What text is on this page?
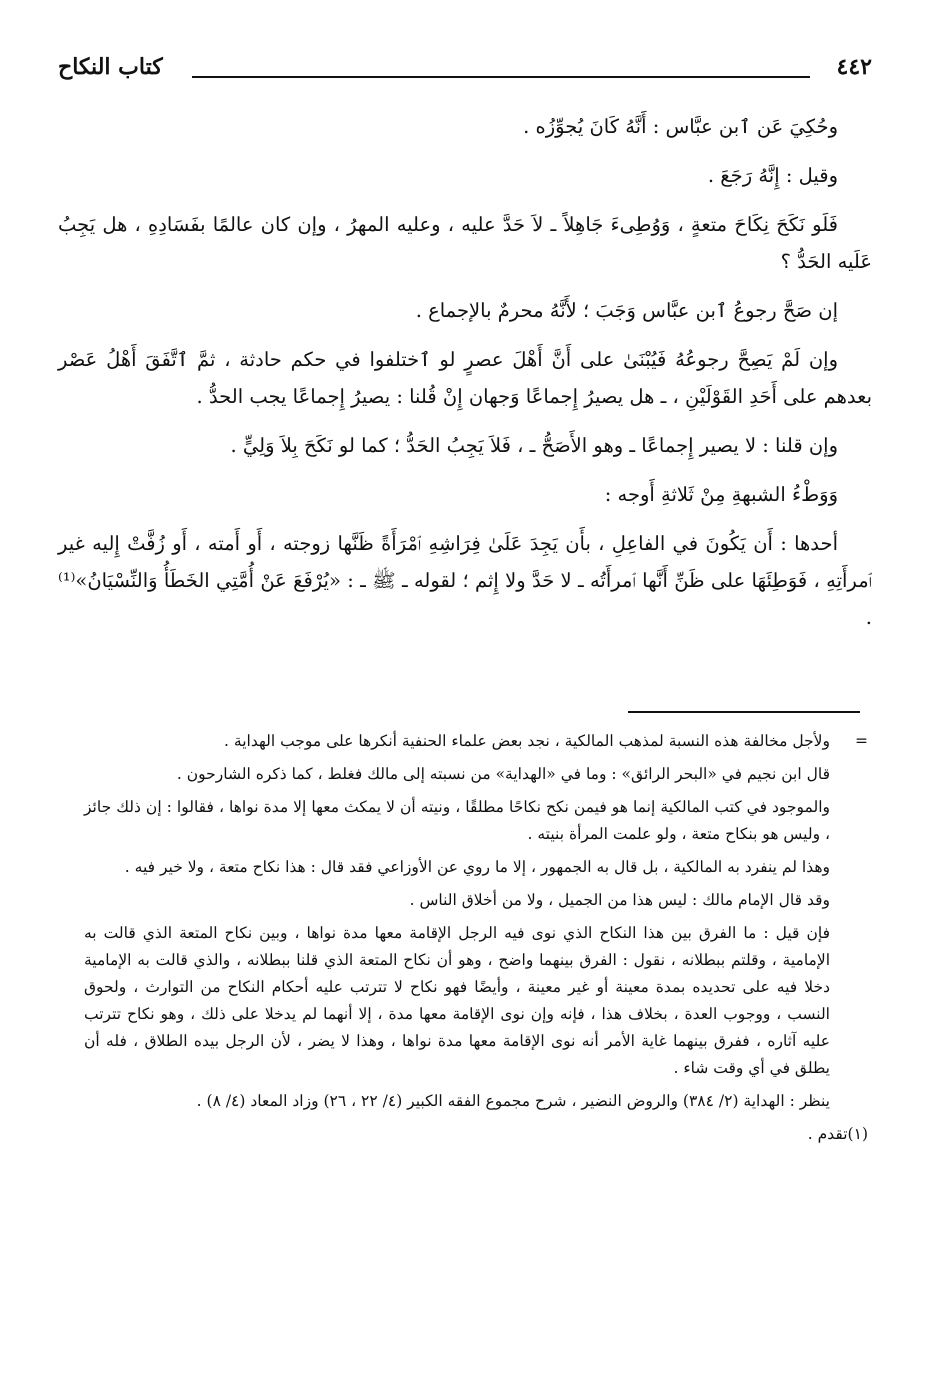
٤٤٢
كتاب النكاح

وحُكِيَ عَن ٱبن عبَّاس : أَنَّهُ كَانَ يُجوِّزُه .

وقيل : إِنَّهُ رَجَعَ .

فَلَو نَكَحَ نِكَاحَ متعةٍ ، وَوُطِىءَ جَاهِلاً ـ لاَ حَدَّ عليه ، وعليه المهرُ ، وإن كان عالمًا بفَسَادِهِ ، هل يَجِبُ عَلَيه الحَدُّ ؟

إن صَحَّ رجوعُ ٱبن عبَّاس وَجَبَ ؛ لأَنَّهُ محرمٌ بالإجماع .

وإن لَمْ يَصِحَّ رجوعُهُ فَيُبْنَىٰ على أَنَّ أَهْلَ عصرٍ لو ٱختلفوا في حكم حادثة ، ثمَّ ٱتَّفَقَ أَهْلُ عَصْر بعدهم على أَحَدِ القَوْلَيْنِ ، ـ هل يصيرُ إِجماعًا وَجهان إِنْ قُلنا : يصيرُ إِجماعًا يجب الحدُّ .

وإن قلنا : لا يصير إِجماعًا ـ وهو الأَصَحُّ ـ ، فَلاَ يَجِبُ الحَدُّ ؛ كما لو نَكَحَ بِلاَ وَلِيٍّ .

وَوَطْءُ الشبهةِ مِنْ ثَلاثةِ أَوجه :

أحدها : أَن يَكُونَ في الفاعِلِ ، بأَن يَجِدَ عَلَىٰ فِرَاشِهِ ٱمْرَأَةً ظَنَّها زوجته ، أَو أَمته ، أَو زُفَّتْ إِليه غير ٱمرأَتِهِ ، فَوَطِئَهَا على ظَنِّ أَنَّها ٱمرأَتُه ـ لا حَدَّ ولا إِثم ؛ لقوله ـ ﷺ ـ : «يُرْفَعَ عَنْ أُمَّتِي الخَطَأُ وَالنِّسْيَانُ»⁽¹⁾ .

=
ولأجل مخالفة هذه النسبة لمذهب المالكية ، نجد بعض علماء الحنفية أنكرها على موجب الهداية .

قال ابن نجيم في «البحر الرائق» : وما في «الهداية» من نسبته إلى مالك فغلط ، كما ذكره الشارحون .

والموجود في كتب المالكية إنما هو فيمن نكح نكاحًا مطلقًا ، ونيته أن لا يمكث معها إلا مدة نواها ، فقالوا : إن ذلك جائز ، وليس هو بنكاح متعة ، ولو علمت المرأة بنيته .

وهذا لم ينفرد به المالكية ، بل قال به الجمهور ، إلا ما روي عن الأوزاعي فقد قال : هذا نكاح متعة ، ولا خير فيه .

وقد قال الإمام مالك : ليس هذا من الجميل ، ولا من أخلاق الناس .

فإن قيل : ما الفرق بين هذا النكاح الذي نوى فيه الرجل الإقامة معها مدة نواها ، وبين نكاح المتعة الذي قالت به الإمامية ، وقلتم ببطلانه ، نقول : الفرق بينهما واضح ، وهو أن نكاح المتعة الذي قلنا ببطلانه ، والذي قالت به الإمامية دخلا فيه على تحديده بمدة معينة أو غير معينة ، وأيضًا فهو نكاح لا تترتب عليه أحكام النكاح من التوارث ، ولحوق النسب ، ووجوب العدة ، بخلاف هذا ، فإنه وإن نوى الإقامة معها مدة ، إلا أنهما لم يدخلا على ذلك ، وهو نكاح تترتب عليه آثاره ، ففرق بينهما غاية الأمر أنه نوى الإقامة معها مدة نواها ، وهذا لا يضر ، لأن الرجل بيده الطلاق ، فله أن يطلق في أي وقت شاء .

ينظر : الهداية (٢/ ٣٨٤) والروض النضير ، شرح مجموع الفقه الكبير (٤/ ٢٢ ، ٢٦) وزاد المعاد (٤/ ٨) .

(١)تقدم .
